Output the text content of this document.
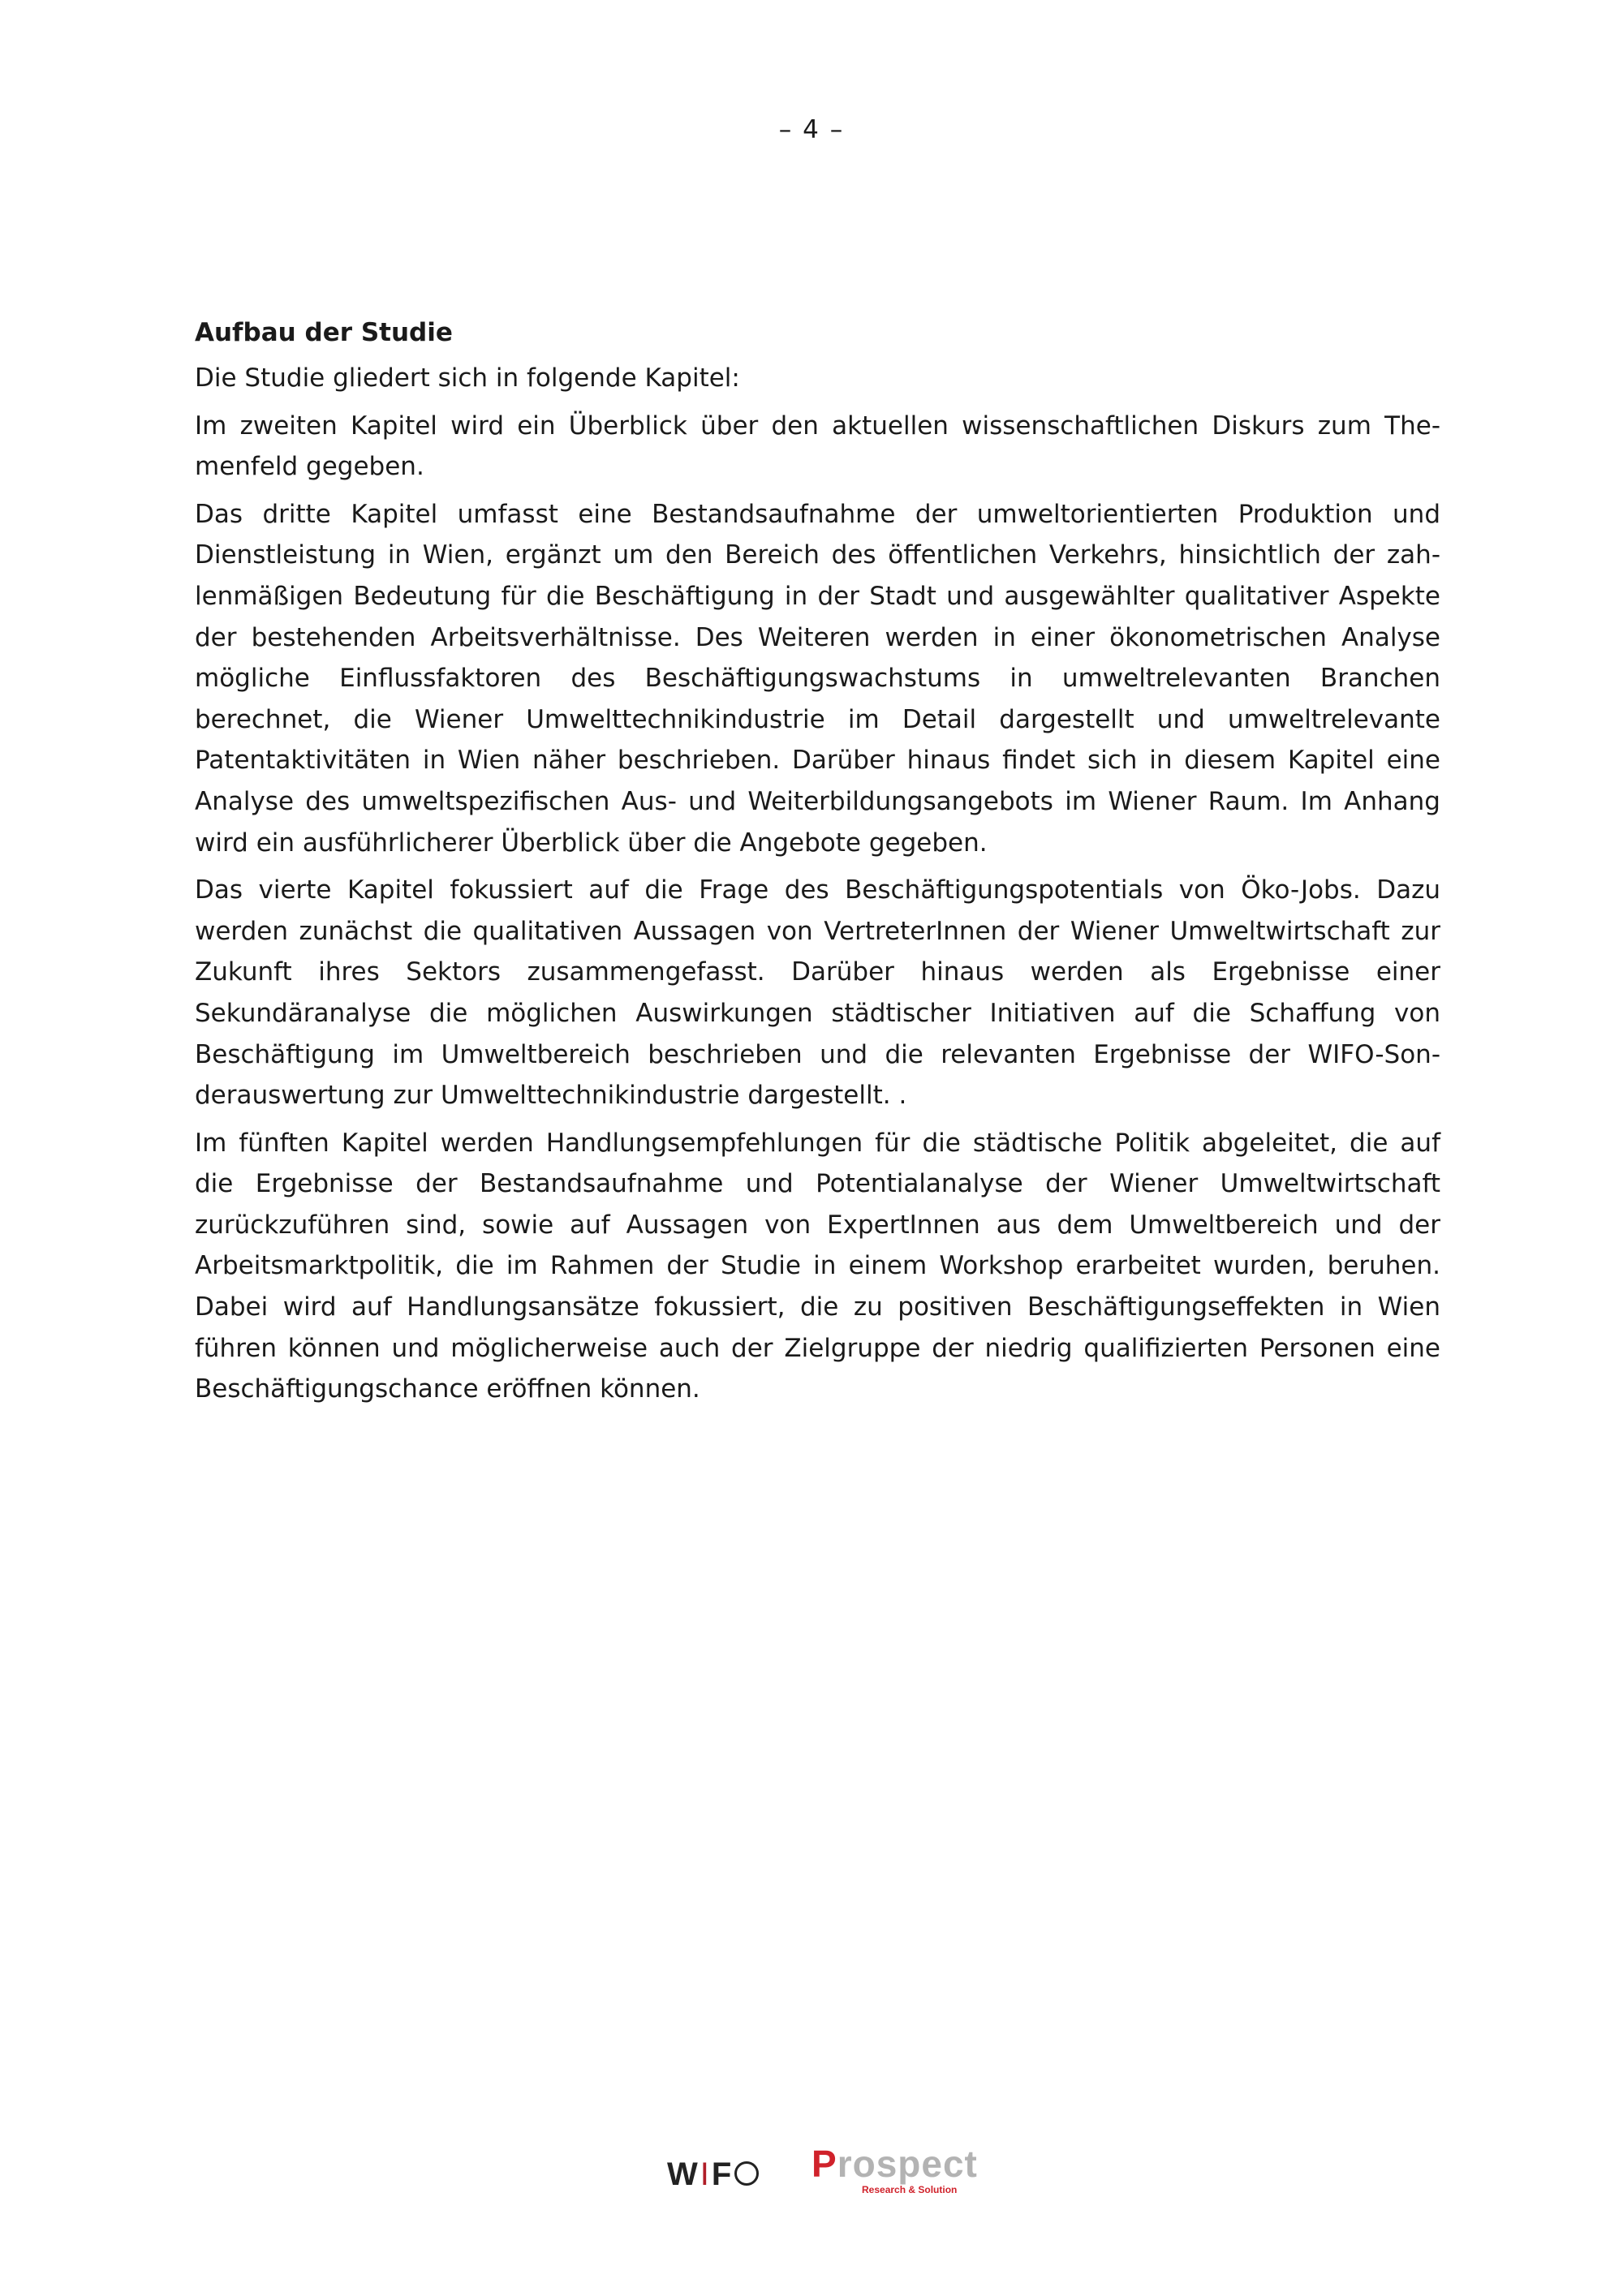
– 4 –
Aufbau der Studie

Die Studie gliedert sich in folgende Kapitel:

Im zweiten Kapitel wird ein Überblick über den aktuellen wissenschaftlichen Diskurs zum Themenfeld gegeben.

Das dritte Kapitel umfasst eine Bestandsaufnahme der umweltorientierten Produktion und Dienstleistung in Wien, ergänzt um den Bereich des öffentlichen Verkehrs, hinsichtlich der zahlenmäßigen Bedeutung für die Beschäftigung in der Stadt und ausgewählter qualitativer Aspekte der bestehenden Arbeitsverhältnisse. Des Weiteren werden in einer ökonometrischen Analyse mögliche Einflussfaktoren des Beschäftigungswachstums in umweltrelevanten Branchen berechnet, die Wiener Umwelttechnikindustrie im Detail dargestellt und umweltrelevante Patentaktivitäten in Wien näher beschrieben. Darüber hinaus findet sich in diesem Kapitel eine Analyse des umweltspezifischen Aus- und Weiterbildungsangebots im Wiener Raum. Im Anhang wird ein ausführlicherer Überblick über die Angebote gegeben.

Das vierte Kapitel fokussiert auf die Frage des Beschäftigungspotentials von Öko-Jobs. Dazu werden zunächst die qualitativen Aussagen von VertreterInnen der Wiener Umweltwirtschaft zur Zukunft ihres Sektors zusammengefasst. Darüber hinaus werden als Ergebnisse einer Sekundäranalyse die möglichen Auswirkungen städtischer Initiativen auf die Schaffung von Beschäftigung im Umweltbereich beschrieben und die relevanten Ergebnisse der WIFO-Sonderauswertung zur Umwelttechnikindustrie dargestellt. .

Im fünften Kapitel werden Handlungsempfehlungen für die städtische Politik abgeleitet, die auf die Ergebnisse der Bestandsaufnahme und Potentialanalyse der Wiener Umweltwirtschaft zurückzuführen sind, sowie auf Aussagen von ExpertInnen aus dem Umweltbereich und der Arbeitsmarktpolitik, die im Rahmen der Studie in einem Workshop erarbeitet wurden, beruhen. Dabei wird auf Handlungsansätze fokussiert, die zu positiven Beschäftigungseffekten in Wien führen können und möglicherweise auch der Zielgruppe der niedrig qualifizierten Personen eine Beschäftigungschance eröffnen können.

WIF	Prospect
Research & Solution
